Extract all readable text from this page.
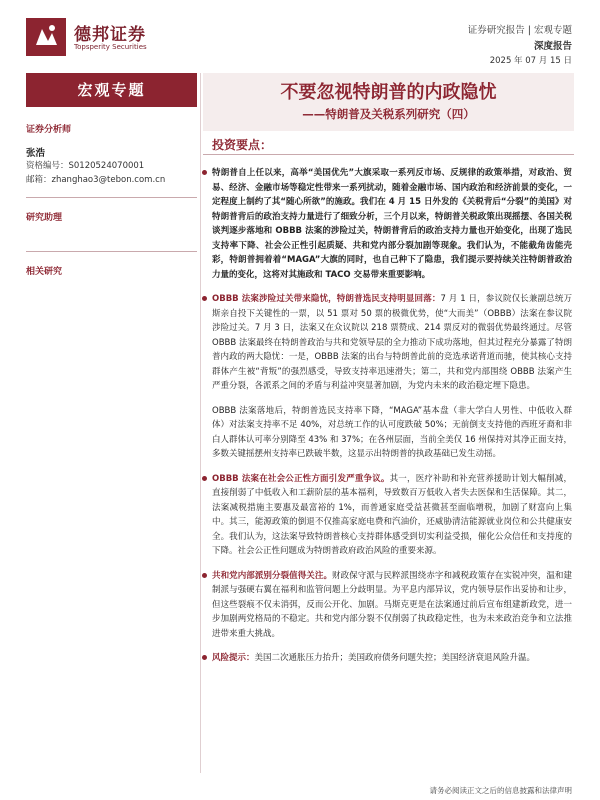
德邦证券
Topsperity Securities
证券研究报告 | 宏观专题
深度报告
2025 年 07 月 15 日
宏观专题
证券分析师
张浩
资格编号：S0120524070001
邮箱：zhanghao3@tebon.com.cn
研究助理
相关研究
不要忽视特朗普的内政隐忧
——特朗普及关税系列研究（四）
投资要点：
特朗普自上任以来，高举“美国优先”大旗采取一系列反市场、反规律的政策举措，对政治、贸易、经济、金融市场等稳定性带来一系列扰动，随着金融市场、国内政治和经济前景的变化，一定程度上制约了其“随心所欲”的施政。我们在 4 月 15 日外发的《关税背后“分裂”的美国》对特朗普背后的政治支持力量进行了细致分析，三个月以来，特朗普关税政策出现摇摆、各国关税谈判逐步落地和 OBBB 法案的涉险过关，特朗普背后的政治支持力量也开始变化，出现了选民支持率下降、社会公正性引起质疑、共和党内部分裂加剧等现象。我们认为，不能截角齿能壳彩，特朗普拥着着“MAGA”大旗的同时，也自己种下了隐患，我们提示要持续关注特朗普政治力量的变化，这将对其施政和 TACO 交易带来重要影响。
OBBB 法案涉险过关带来隐忧，特朗普选民支持明显回落：7 月 1 日，参议院仅长兼副总统万斯亲自投下关键性的一票，以 51 票对 50 票的极微优势，使“大而美”（OBBB）法案在参议院涉险过关。7 月 3 日，法案又在众议院以 218 票赞成、214 票反对的微弱优势最终通过。尽管 OBBB 法案最终在特朗普政治与共和党领导层的全力推动下成功落地，但其过程充分暴露了特朗普内政的两大隐忧：一是，OBBB 法案的出台与特朗普此前的竞选承诺背道而驰，使其核心支持群体产生被“背叛”的强烈感受，导致支持率迅速滑失；第二，共和党内部围绕 OBBB 法案产生严重分裂，各派系之间的矛盾与利益冲突显著加剧，为党内未来的政治稳定埋下隐患。
OBBB 法案落地后，特朗普选民支持率下降，“MAGA”基本盘（非大学白人男性、中低收入群体）对法案支持率不足 40%，对总统工作的认可度跌破 50%；无前倒支支持他的西班牙裔和非白人群体认可率分别降至 43% 和 37%；在各州层面，当前全美仅 16 州保持对其净正面支持，多数关键摇摆州支持率已跌破半数，这显示出特朗普的执政基础已发生动摇。
OBBB 法案在社会公正性方面引发严重争议。其一，医疗补助和补充营养援助计划大幅削减，直接削弱了中低收入和工薪阶层的基本福利，导致数百万低收入者失去医保和生活保障。其二，法案减税措施主要惠及最富裕的 1%，而普通家庭受益甚微甚至面临增税，加剧了财富向上集中。其三，能源政策的倒退不仅推高家庭电费和汽油价，还威胁清洁能源就业岗位和公共健康安全。我们认为，这法案导致特朗普核心支持群体感受到切实利益受损，催化公众信任和支持度的下降。社会公正性问题成为特朗普政府政治风险的重要来源。
共和党内部派别分裂值得关注。财政保守派与民粹派围绕赤字和减税政策存在实锐冲突，温和建制派与强硬右翼在福利和监管问题上分歧明显。为平息内部异议，党内领导层作出妥协和让步，但这些裂痕不仅未消弭，反而公开化、加剧。马斯克更是在法案通过前后宣布组建新政党，进一步加剧两党格局的不稳定。共和党内部分裂不仅削弱了执政稳定性，也为未来政治竞争和立法推进带来重大挑战。
风险提示：美国二次通胀压力抬升；美国政府债务问题失控；美国经济衰退风险升温。
请务必阅读正文之后的信息披露和法律声明
